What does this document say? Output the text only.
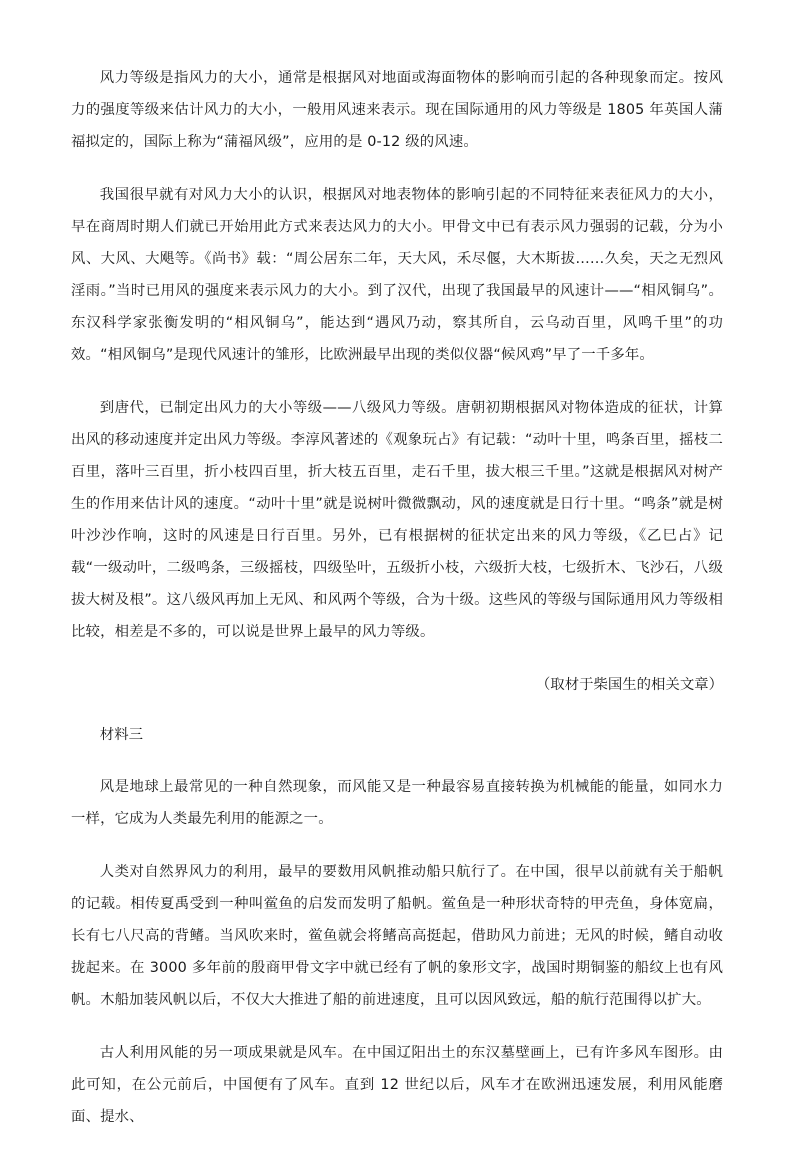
风力等级是指风力的大小，通常是根据风对地面或海面物体的影响而引起的各种现象而定。按风力的强度等级来估计风力的大小，一般用风速来表示。现在国际通用的风力等级是 1805 年英国人蒲福拟定的，国际上称为“蒲福风级”，应用的是 0-12 级的风速。

我国很早就有对风力大小的认识，根据风对地表物体的影响引起的不同特征来表征风力的大小，早在商周时期人们就已开始用此方式来表达风力的大小。甲骨文中已有表示风力强弱的记载，分为小风、大风、大飓等。《尚书》载：“周公居东二年，天大风，禾尽偃，大木斯拔……久矣，天之无烈风淫雨。”当时已用风的强度来表示风力的大小。到了汉代，出现了我国最早的风速计——“相风铜乌”。东汉科学家张衡发明的“相风铜乌”，能达到“遇风乃动，察其所自，云乌动百里，风鸣千里”的功效。“相风铜乌”是现代风速计的雏形，比欧洲最早出现的类似仪器“候风鸡”早了一千多年。

到唐代，已制定出风力的大小等级——八级风力等级。唐朝初期根据风对物体造成的征状，计算出风的移动速度并定出风力等级。李淳风著述的《观象玩占》有记载：“动叶十里，鸣条百里，摇枝二百里，落叶三百里，折小枝四百里，折大枝五百里，走石千里，拔大根三千里。”这就是根据风对树产生的作用来估计风的速度。“动叶十里”就是说树叶微微飘动，风的速度就是日行十里。“鸣条”就是树叶沙沙作响，这时的风速是日行百里。另外，已有根据树的征状定出来的风力等级，《乙巳占》记载“一级动叶，二级鸣条，三级摇枝，四级坠叶，五级折小枝，六级折大枝，七级折木、飞沙石，八级拔大树及根”。这八级风再加上无风、和风两个等级，合为十级。这些风的等级与国际通用风力等级相比较，相差是不多的，可以说是世界上最早的风力等级。

（取材于柴国生的相关文章）

材料三

风是地球上最常见的一种自然现象，而风能又是一种最容易直接转换为机械能的能量，如同水力一样，它成为人类最先利用的能源之一。

人类对自然界风力的利用，最早的要数用风帆推动船只航行了。在中国，很早以前就有关于船帆的记载。相传夏禹受到一种叫鲎鱼的启发而发明了船帆。鲎鱼是一种形状奇特的甲壳鱼，身体宽扁，长有七八尺高的背鳍。当风吹来时，鲎鱼就会将鳍高高挺起，借助风力前进；无风的时候，鳍自动收拢起来。在 3000 多年前的殷商甲骨文字中就已经有了帆的象形文字，战国时期铜鉴的船纹上也有风帆。木船加装风帆以后，不仅大大推进了船的前进速度，且可以因风致远，船的航行范围得以扩大。

古人利用风能的另一项成果就是风车。在中国辽阳出土的东汉墓壁画上，已有许多风车图形。由此可知，在公元前后，中国便有了风车。直到 12 世纪以后，风车才在欧洲迅速发展，利用风能磨面、提水、
